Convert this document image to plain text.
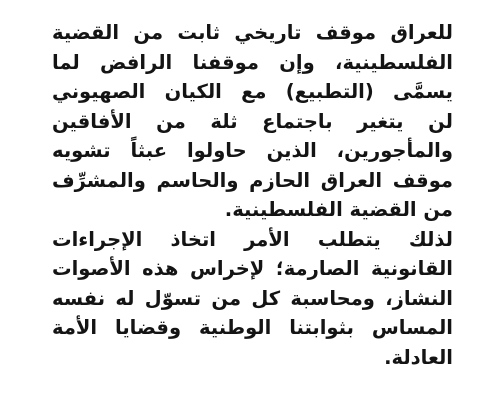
للعراق موقف تاريخي ثابت من القضية
الفلسطينية، وإن موقفنا الرافض لما
يسمَّى (التطبيع) مع الكيان الصهيوني
لن يتغير باجتماع ثلة من الأفاقين
والمأجورين، الذين حاولوا عبثاً تشويه
موقف العراق الحازم والحاسم والمشرِّف
من القضية الفلسطينية.
لذلك يتطلب الأمر اتخاذ الإجراءات
القانونية الصارمة؛ لإخراس هذه الأصوات
النشاز، ومحاسبة كل من تسوّل له نفسه
المساس بثوابتنا الوطنية وقضايا الأمة
العادلة.
